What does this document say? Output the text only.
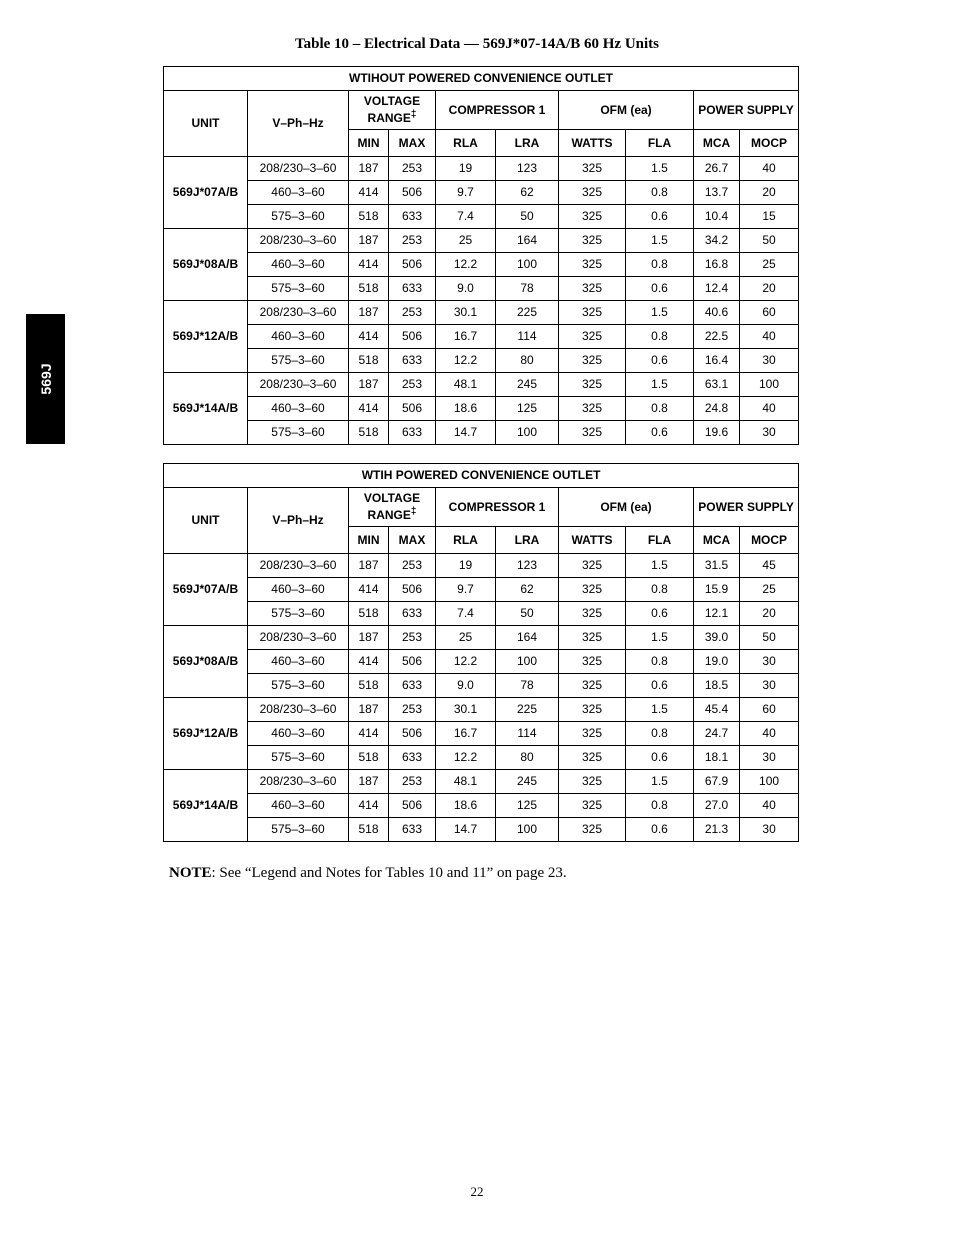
Table 10 – Electrical Data — 569J*07-14A/B 60 Hz Units
569J
WTIHOUT POWERED CONVENIENCE OUTLET									
UNIT	V–Ph–Hz	VOLTAGE RANGE‡		COMPRESSOR 1		OFM (ea)		POWER SUPPLY	
		MIN	MAX	RLA	LRA	WATTS	FLA	MCA	MOCP
569J*07A/B	208/230–3–60	187	253	19	123	325	1.5	26.7	40
	460–3–60	414	506	9.7	62	325	0.8	13.7	20
	575–3–60	518	633	7.4	50	325	0.6	10.4	15
569J*08A/B	208/230–3–60	187	253	25	164	325	1.5	34.2	50
	460–3–60	414	506	12.2	100	325	0.8	16.8	25
	575–3–60	518	633	9.0	78	325	0.6	12.4	20
569J*12A/B	208/230–3–60	187	253	30.1	225	325	1.5	40.6	60
	460–3–60	414	506	16.7	114	325	0.8	22.5	40
	575–3–60	518	633	12.2	80	325	0.6	16.4	30
569J*14A/B	208/230–3–60	187	253	48.1	245	325	1.5	63.1	100
	460–3–60	414	506	18.6	125	325	0.8	24.8	40
	575–3–60	518	633	14.7	100	325	0.6	19.6	30
WTIH POWERED CONVENIENCE OUTLET									
UNIT	V–Ph–Hz	VOLTAGE RANGE‡		COMPRESSOR 1		OFM (ea)		POWER SUPPLY	
		MIN	MAX	RLA	LRA	WATTS	FLA	MCA	MOCP
569J*07A/B	208/230–3–60	187	253	19	123	325	1.5	31.5	45
	460–3–60	414	506	9.7	62	325	0.8	15.9	25
	575–3–60	518	633	7.4	50	325	0.6	12.1	20
569J*08A/B	208/230–3–60	187	253	25	164	325	1.5	39.0	50
	460–3–60	414	506	12.2	100	325	0.8	19.0	30
	575–3–60	518	633	9.0	78	325	0.6	18.5	30
569J*12A/B	208/230–3–60	187	253	30.1	225	325	1.5	45.4	60
	460–3–60	414	506	16.7	114	325	0.8	24.7	40
	575–3–60	518	633	12.2	80	325	0.6	18.1	30
569J*14A/B	208/230–3–60	187	253	48.1	245	325	1.5	67.9	100
	460–3–60	414	506	18.6	125	325	0.8	27.0	40
	575–3–60	518	633	14.7	100	325	0.6	21.3	30
NOTE: See “Legend and Notes for Tables 10 and 11” on page 23.
22
